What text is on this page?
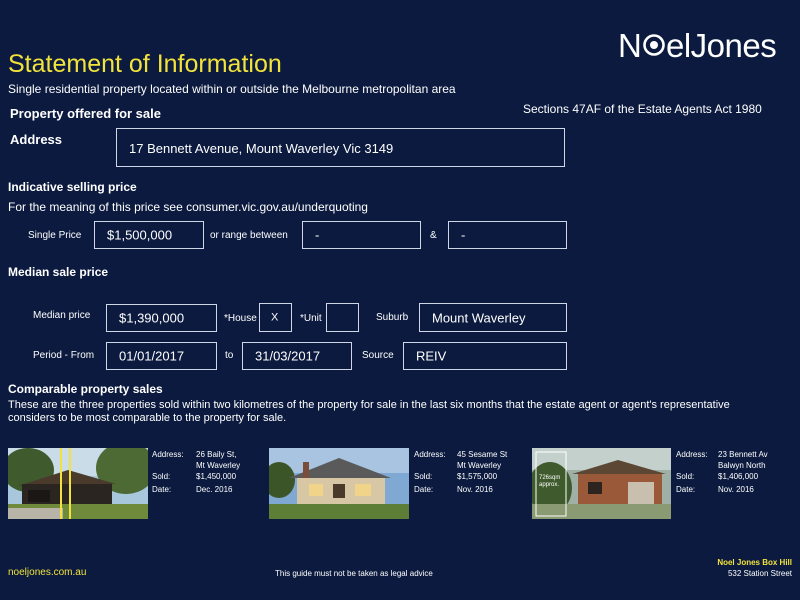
N elJones
Statement of Information
Single residential property located within or outside the Melbourne metropolitan area
Property offered for sale	Sections 47AF of the Estate Agents Act 1980
Address
17 Bennett Avenue, Mount Waverley Vic 3149
Indicative selling price
For the meaning of this price see consumer.vic.gov.au/underquoting
Single Price $1,500,000	or range between -	& -
Median sale price
Median price $1,390,000	*House X *Unit	Suburb Mount Waverley
Period - From 01/01/2017	to 31/03/2017	Source REIV
Comparable property sales
These are the three properties sold within two kilometres of the property for sale in the last six months that the estate agent or agent's representative considers to be most comparable to the property for sale.
Address: 26 Baily St,
Mt Waverley
Sold:	$1,450,000
Date:	Dec. 2016
Address: 45 Sesame St
Mt Waverley
Sold:	$1,575,000
Date:	Nov. 2016
726sqm
approx.
Address: 23 Bennett Av
Balwyn North
Sold:	$1,406,000
Date:	Nov. 2016
noeljones.com.au	This guide must not be taken as legal advice
Noel Jones Box Hill
532 Station Street
